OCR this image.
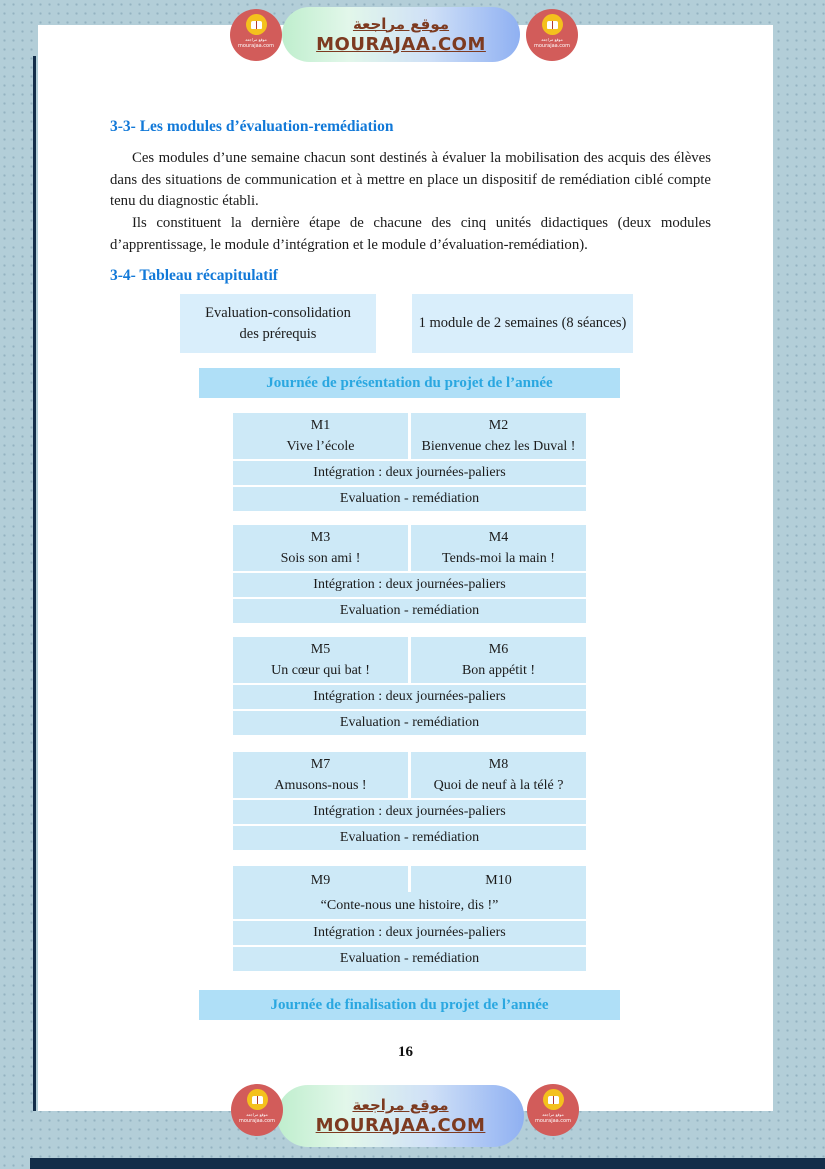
موقع مراجعة
MOURAJAA.COM
موقع مراجعة
mourajaa.com
موقع مراجعة
mourajaa.com
3-3- Les modules d’évaluation-remédiation
Ces modules d’une semaine chacun sont destinés à évaluer la mobilisation des acquis des élèves dans des situations de communication et à mettre en place un dispositif de remédiation ciblé compte tenu du diagnostic établi.
Ils constituent la dernière étape de chacune des cinq unités didactiques (deux modules d’apprentissage, le module d’intégration et le module d’évaluation-remédiation).
3-4- Tableau récapitulatif
Evaluation-consolidation
des prérequis
1 module de 2 semaines (8 séances)
Journée de présentation du projet de l’année
M1
Vive l’école
M2
Bienvenue chez les Duval !
Intégration : deux journées-paliers
Evaluation - remédiation
M3
Sois son ami !
M4
Tends-moi la main !
Intégration : deux journées-paliers
Evaluation - remédiation
M5
Un cœur qui bat !
M6
Bon appétit !
Intégration : deux journées-paliers
Evaluation - remédiation
M7
Amusons-nous !
M8
Quoi de neuf à la télé ?
Intégration : deux journées-paliers
Evaluation - remédiation
M9	M10
“Conte-nous une histoire, dis !”
Intégration : deux journées-paliers
Evaluation - remédiation
Journée de finalisation du projet de l’année
16
موقع مراجعة
MOURAJAA.COM
موقع مراجعة
mourajaa.com
موقع مراجعة
mourajaa.com
